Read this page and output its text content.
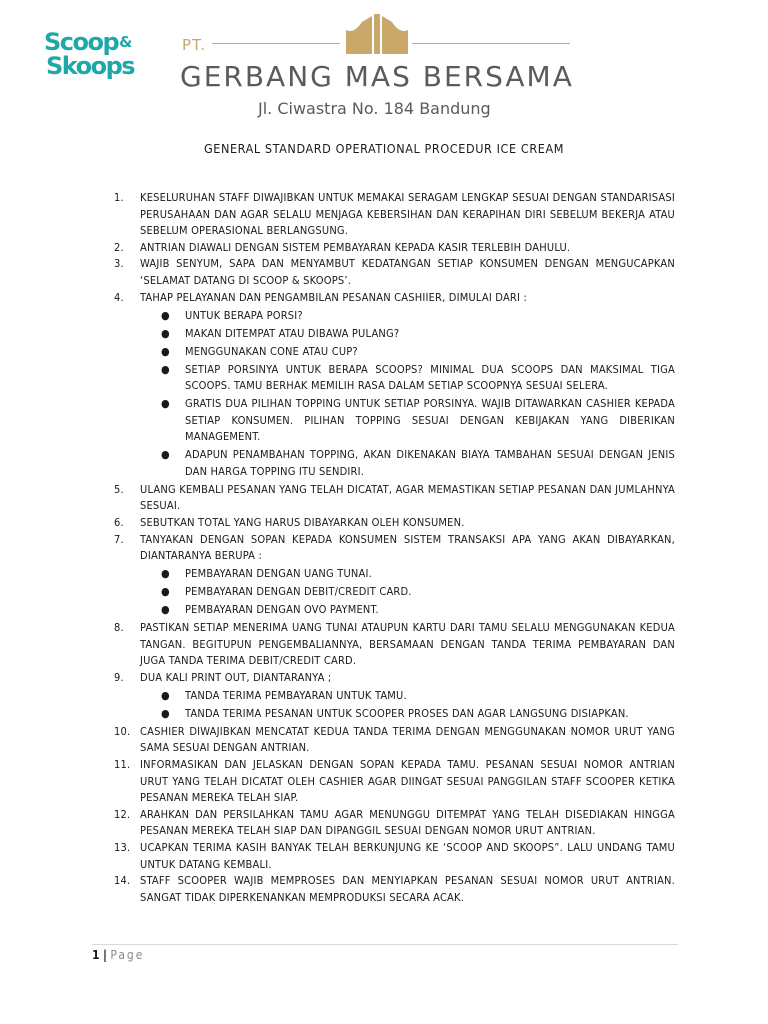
Scoop&
Skoops
PT.
GERBANG MAS BERSAMA
Jl. Ciwastra No. 184 Bandung
GENERAL STANDARD OPERATIONAL PROCEDUR ICE CREAM
1. KESELURUHAN STAFF DIWAJIBKAN UNTUK MEMAKAI SERAGAM LENGKAP SESUAI DENGAN STANDARISASI PERUSAHAAN DAN AGAR SELALU MENJAGA KEBERSIHAN DAN KERAPIHAN DIRI SEBELUM BEKERJA ATAU SEBELUM OPERASIONAL BERLANGSUNG.
2. ANTRIAN DIAWALI DENGAN SISTEM PEMBAYARAN KEPADA KASIR TERLEBIH DAHULU.
3. WAJIB SENYUM, SAPA DAN MENYAMBUT KEDATANGAN SETIAP KONSUMEN DENGAN MENGUCAPKAN ‘SELAMAT DATANG DI SCOOP & SKOOPS’.
4. TAHAP PELAYANAN DAN PENGAMBILAN PESANAN CASHIIER, DIMULAI DARI :
● UNTUK BERAPA PORSI?
● MAKAN DITEMPAT ATAU DIBAWA PULANG?
● MENGGUNAKAN CONE ATAU CUP?
● SETIAP PORSINYA UNTUK BERAPA SCOOPS? MINIMAL DUA SCOOPS DAN MAKSIMAL TIGA SCOOPS. TAMU BERHAK MEMILIH RASA DALAM SETIAP SCOOPNYA SESUAI SELERA.
● GRATIS DUA PILIHAN TOPPING UNTUK SETIAP PORSINYA. WAJIB DITAWARKAN CASHIER KEPADA SETIAP KONSUMEN. PILIHAN TOPPING SESUAI DENGAN KEBIJAKAN YANG DIBERIKAN MANAGEMENT.
● ADAPUN PENAMBAHAN TOPPING, AKAN DIKENAKAN BIAYA TAMBAHAN SESUAI DENGAN JENIS DAN HARGA TOPPING ITU SENDIRI.
5. ULANG KEMBALI PESANAN YANG TELAH DICATAT, AGAR MEMASTIKAN SETIAP PESANAN DAN JUMLAHNYA SESUAI.
6. SEBUTKAN TOTAL YANG HARUS DIBAYARKAN OLEH KONSUMEN.
7. TANYAKAN DENGAN SOPAN KEPADA KONSUMEN SISTEM TRANSAKSI APA YANG AKAN DIBAYARKAN, DIANTARANYA BERUPA :
● PEMBAYARAN DENGAN UANG TUNAI.
● PEMBAYARAN DENGAN DEBIT/CREDIT CARD.
● PEMBAYARAN DENGAN OVO PAYMENT.
8. PASTIKAN SETIAP MENERIMA UANG TUNAI ATAUPUN KARTU DARI TAMU SELALU MENGGUNAKAN KEDUA TANGAN. BEGITUPUN PENGEMBALIANNYA, BERSAMAAN DENGAN TANDA TERIMA PEMBAYARAN DAN JUGA TANDA TERIMA DEBIT/CREDIT CARD.
9. DUA KALI PRINT OUT, DIANTARANYA ;
● TANDA TERIMA PEMBAYARAN UNTUK TAMU.
● TANDA TERIMA PESANAN UNTUK SCOOPER PROSES DAN AGAR LANGSUNG DISIAPKAN.
10. CASHIER DIWAJIBKAN MENCATAT KEDUA TANDA TERIMA DENGAN MENGGUNAKAN NOMOR URUT YANG SAMA SESUAI DENGAN ANTRIAN.
11. INFORMASIKAN DAN JELASKAN DENGAN SOPAN KEPADA TAMU. PESANAN SESUAI NOMOR ANTRIAN URUT YANG TELAH DICATAT OLEH CASHIER AGAR DIINGAT SESUAI PANGGILAN STAFF SCOOPER KETIKA PESANAN MEREKA TELAH SIAP.
12. ARAHKAN DAN PERSILAHKAN TAMU AGAR MENUNGGU DITEMPAT YANG TELAH DISEDIAKAN HINGGA PESANAN MEREKA TELAH SIAP DAN DIPANGGIL SESUAI DENGAN NOMOR URUT ANTRIAN.
13. UCAPKAN TERIMA KASIH BANYAK TELAH BERKUNJUNG KE ‘SCOOP AND SKOOPS”. LALU UNDANG TAMU UNTUK DATANG KEMBALI.
14. STAFF SCOOPER WAJIB MEMPROSES DAN MENYIAPKAN PESANAN SESUAI NOMOR URUT ANTRIAN. SANGAT TIDAK DIPERKENANKAN MEMPRODUKSI SECARA ACAK.
1 | Page
